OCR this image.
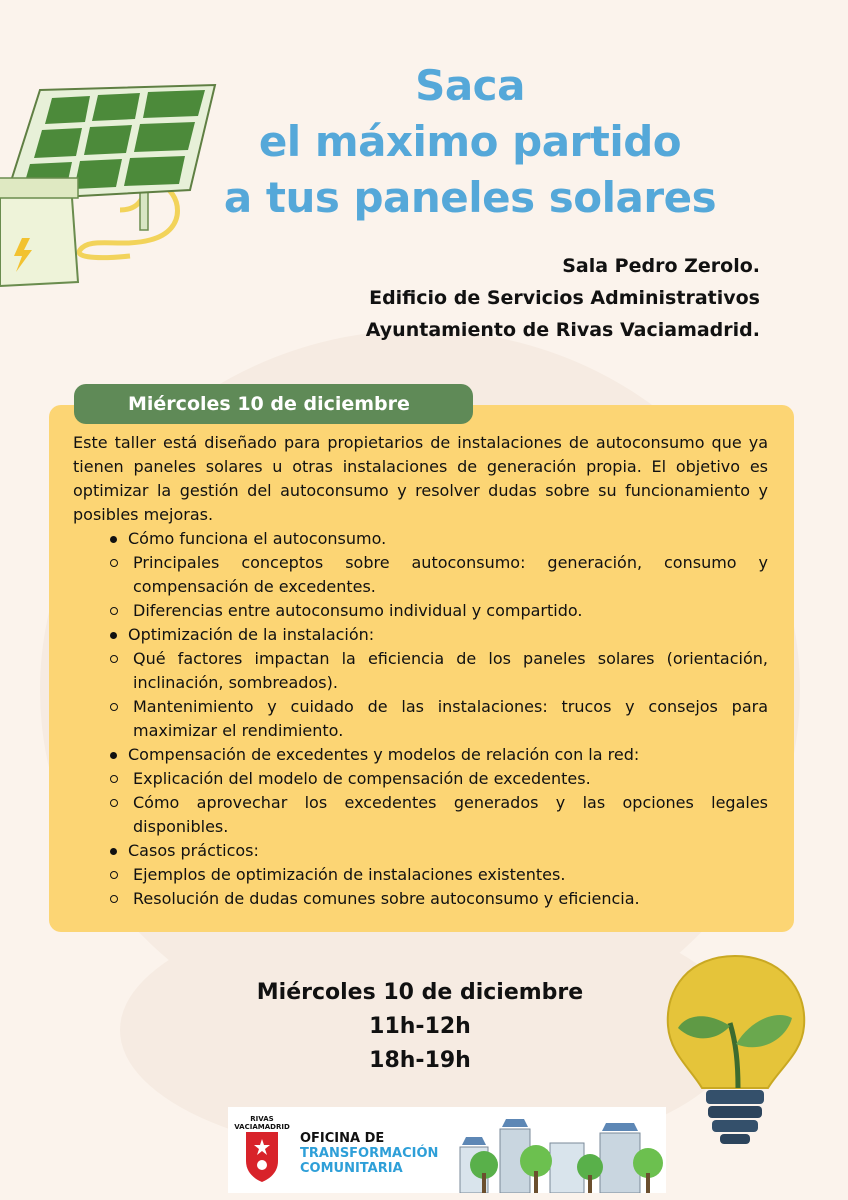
Saca
el máximo partido
a tus paneles solares
Sala Pedro Zerolo.
Edificio de Servicios Administrativos
Ayuntamiento de Rivas Vaciamadrid.
Miércoles 10 de diciembre

Este taller está diseñado para propietarios de instalaciones de autoconsumo que ya tienen paneles solares u otras instalaciones de generación propia. El objetivo es optimizar la gestión del autoconsumo y resolver dudas sobre su funcionamiento y posibles mejoras.

Cómo funciona el autoconsumo.
Principales conceptos sobre autoconsumo: generación, consumo y compensación de excedentes.
Diferencias entre autoconsumo individual y compartido.
Optimización de la instalación:
Qué factores impactan la eficiencia de los paneles solares (orientación, inclinación, sombreados).
Mantenimiento y cuidado de las instalaciones: trucos y consejos para maximizar el rendimiento.
Compensación de excedentes y modelos de relación con la red:
Explicación del modelo de compensación de excedentes.
Cómo aprovechar los excedentes generados y las opciones legales disponibles.
Casos prácticos:
Ejemplos de optimización de instalaciones existentes.
Resolución de dudas comunes sobre autoconsumo y eficiencia.
Miércoles 10 de diciembre
11h-12h
18h-19h
RIVAS
VACIAMADRID
OFICINA DE
TRANSFORMACIÓN
COMUNITARIA
